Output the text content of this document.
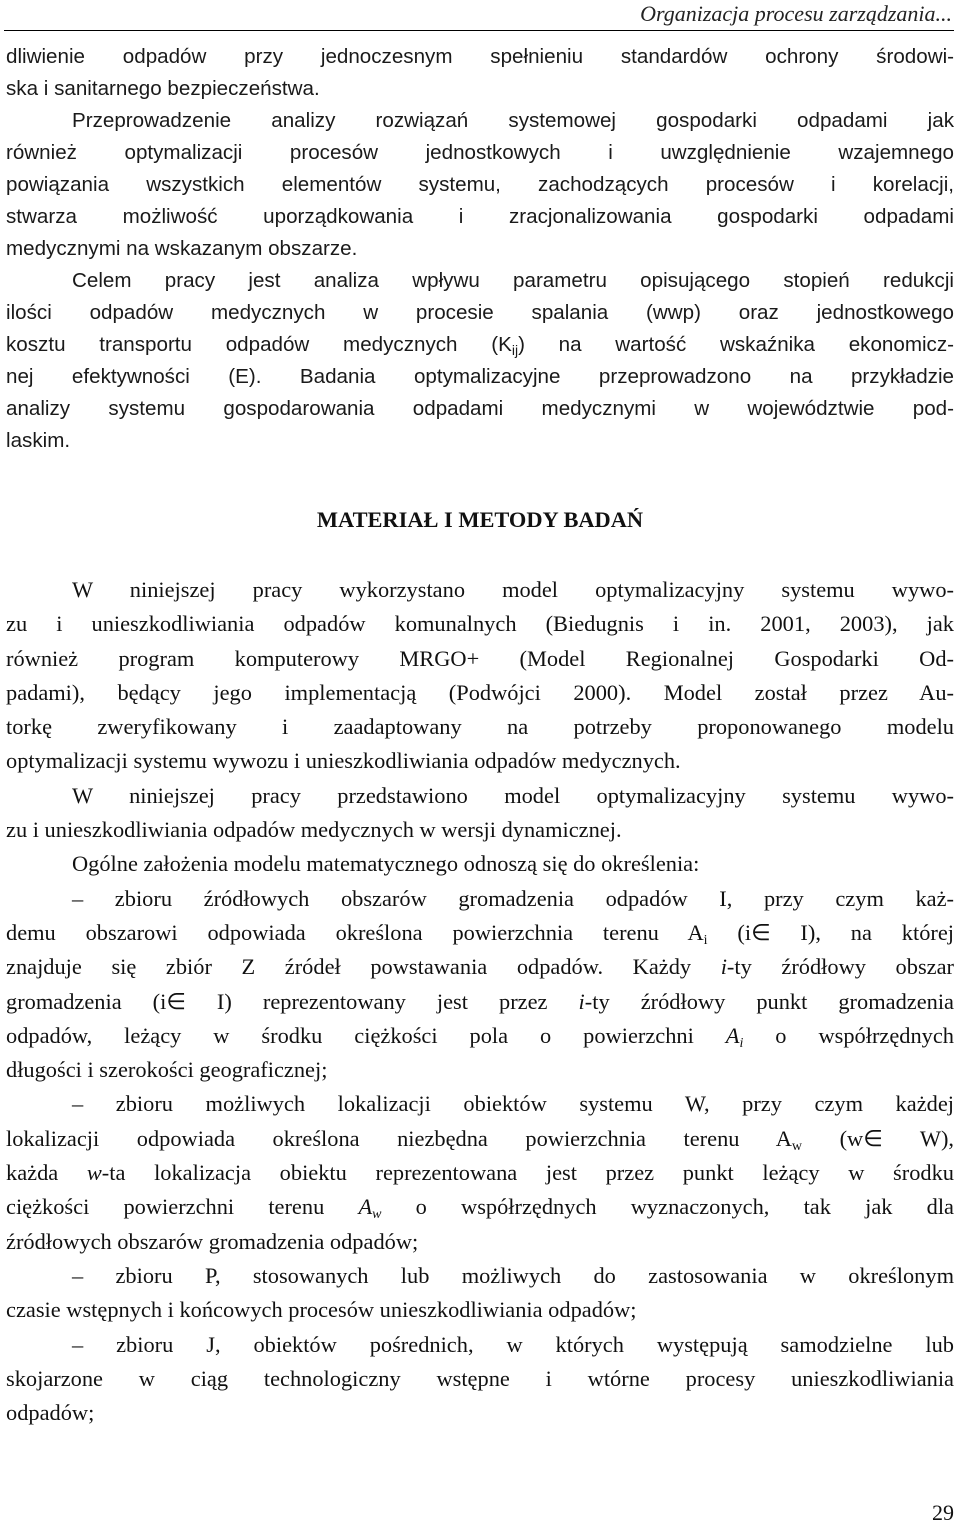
Organizacja procesu zarządzania...

dliwienie odpadów przy jednoczesnym spełnieniu standardów ochrony środowi-

ska i sanitarnego bezpieczeństwa.

Przeprowadzenie analizy rozwiązań systemowej gospodarki odpadami jak

również optymalizacji procesów jednostkowych i uwzględnienie wzajemnego

powiązania wszystkich elementów systemu, zachodzących procesów i korelacji,

stwarza możliwość uporządkowania i zracjonalizowania gospodarki odpadami

medycznymi na wskazanym obszarze.

Celem pracy jest analiza wpływu parametru opisującego stopień redukcji

ilości odpadów medycznych w procesie spalania (wwp) oraz jednostkowego

kosztu transportu odpadów medycznych $(K_{ij})$ na wartość wskaźnika ekonomicz-

nej efektywności (E). Badania optymalizacyjne przeprowadzono na przykładzie

analizy systemu gospodarowania odpadami medycznymi w województwie pod-

laskim.

MATERIAŁ I METODY BADAŃ

W niniejszej pracy wykorzystano model optymalizacyjny systemu wywo-

zu i unieszkodliwiania odpadów komunalnych (Biedugnis i in. 2001, 2003), jak

również program komputerowy MRGO+ (Model Regionalnej Gospodarki Od-

padami), będący jego implementacją (Podwójci 2000). Model został przez Au-

torkę zweryfikowany i zaadaptowany na potrzeby proponowanego modelu

optymalizacji systemu wywozu i unieszkodliwiania odpadów medycznych.

W niniejszej pracy przedstawiono model optymalizacyjny systemu wywo-

zu i unieszkodliwiania odpadów medycznych w wersji dynamicznej.

Ogólne założenia modelu matematycznego odnoszą się do określenia:

– zbioru źródłowych obszarów gromadzenia odpadów I, przy czym każ-

demu obszarowi odpowiada określona powierzchnia terenu $A_i$ (i∈ I), na której

znajduje się zbiór Z źródeł powstawania odpadów. Każdy i-ty źródłowy obszar

gromadzenia (i∈ I) reprezentowany jest przez i-ty źródłowy punkt gromadzenia

odpadów, leżący w środku ciężkości pola o powierzchni $A_i$ o współrzędnych

długości i szerokości geograficznej;

– zbioru możliwych lokalizacji obiektów systemu W, przy czym każdej

lokalizacji odpowiada określona niezbędna powierzchnia terenu $A_w$ (w∈ W),

każda w-ta lokalizacja obiektu reprezentowana jest przez punkt leżący w środku

ciężkości powierzchni terenu $A_w$ o współrzędnych wyznaczonych, tak jak dla

źródłowych obszarów gromadzenia odpadów;

– zbioru P, stosowanych lub możliwych do zastosowania w określonym

czasie wstępnych i końcowych procesów unieszkodliwiania odpadów;

– zbioru J, obiektów pośrednich, w których występują samodzielne lub

skojarzone w ciąg technologiczny wstępne i wtórne procesy unieszkodliwiania

odpadów;

29
